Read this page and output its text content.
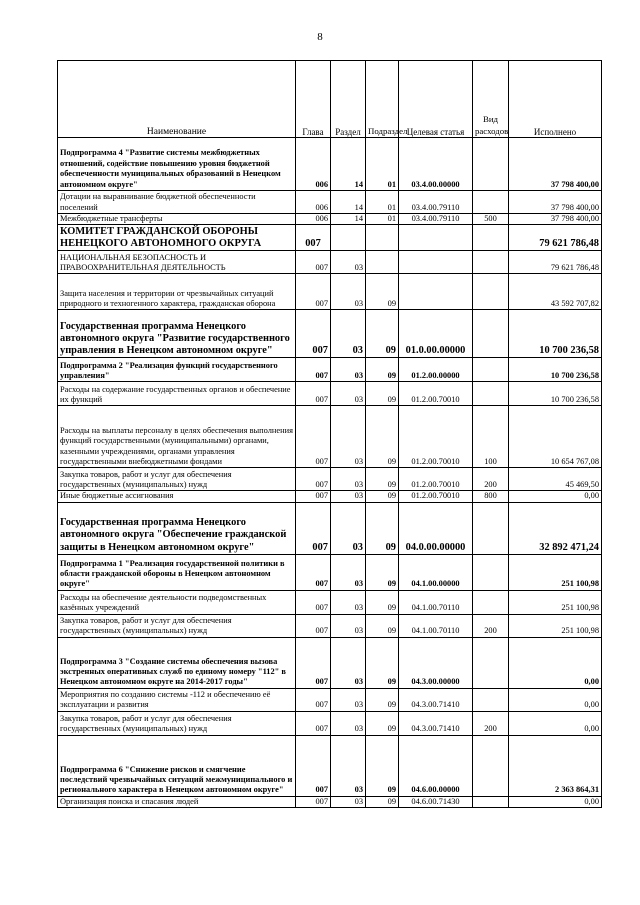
8
Наименование	Глава	Раздел	Подраздел	Целевая статья	Вид расходов	Исполнено
Подпрограмма 4 "Развитие системы межбюджетных отношений, содействие повышению уровня бюджетной обеспеченности муниципальных образований в Ненецком автономном округе"	006	14	01	03.4.00.00000		37 798 400,00
Дотации на выравнивание бюджетной обеспеченности поселений	006	14	01	03.4.00.79110		37 798 400,00
Межбюджетные трансферты	006	14	01	03.4.00.79110	500	37 798 400,00
КОМИТЕТ ГРАЖДАНСКОЙ ОБОРОНЫ НЕНЕЦКОГО АВТОНОМНОГО ОКРУГА	007					79 621 786,48
НАЦИОНАЛЬНАЯ БЕЗОПАСНОСТЬ И ПРАВООХРАНИТЕЛЬНАЯ ДЕЯТЕЛЬНОСТЬ	007	03				79 621 786,48
Защита населения и территории от чрезвычайных ситуаций природного и техногенного характера, гражданская оборона	007	03	09			43 592 707,82
Государственная программа Ненецкого автономного округа "Развитие государственного управления в Ненецком автономном округе"	007	03	09	01.0.00.00000		10 700 236,58
Подпрограмма 2 "Реализация функций государственного управления"	007	03	09	01.2.00.00000		10 700 236,58
Расходы на содержание государственных органов и обеспечение их функций	007	03	09	01.2.00.70010		10 700 236,58
Расходы на выплаты персоналу в целях обеспечения выполнения функций государственными (муниципальными) органами, казенными учреждениями, органами управления государственными внебюджетными фондами	007	03	09	01.2.00.70010	100	10 654 767,08
Закупка товаров, работ и услуг для обеспечения государственных (муниципальных) нужд	007	03	09	01.2.00.70010	200	45 469,50
Иные бюджетные ассигнования	007	03	09	01.2.00.70010	800	0,00
Государственная программа Ненецкого автономного округа "Обеспечение гражданской защиты в Ненецком автономном округе"	007	03	09	04.0.00.00000		32 892 471,24
Подпрограмма 1 "Реализация государственной политики в области гражданской обороны в Ненецком автономном округе"	007	03	09	04.1.00.00000		251 100,98
Расходы на обеспечение деятельности подведомственных казённых учреждений	007	03	09	04.1.00.70110		251 100,98
Закупка товаров, работ и услуг для обеспечения государственных (муниципальных) нужд	007	03	09	04.1.00.70110	200	251 100,98
Подпрограмма 3 "Создание системы обеспечения вызова экстренных оперативных служб по единому номеру "112" в Ненецком автономном округе на 2014-2017 годы"	007	03	09	04.3.00.00000		0,00
Мероприятия по созданию системы -112 и обеспечению её эксплуатации и развития	007	03	09	04.3.00.71410		0,00
Закупка товаров, работ и услуг для обеспечения государственных (муниципальных) нужд	007	03	09	04.3.00.71410	200	0,00
Подпрограмма 6 "Снижение рисков и смягчение последствий чрезвычайных ситуаций межмуниципального и регионального характера в Ненецком автономном округе"	007	03	09	04.6.00.00000		2 363 864,31
Организация поиска и спасания людей	007	03	09	04.6.00.71430		0,00
